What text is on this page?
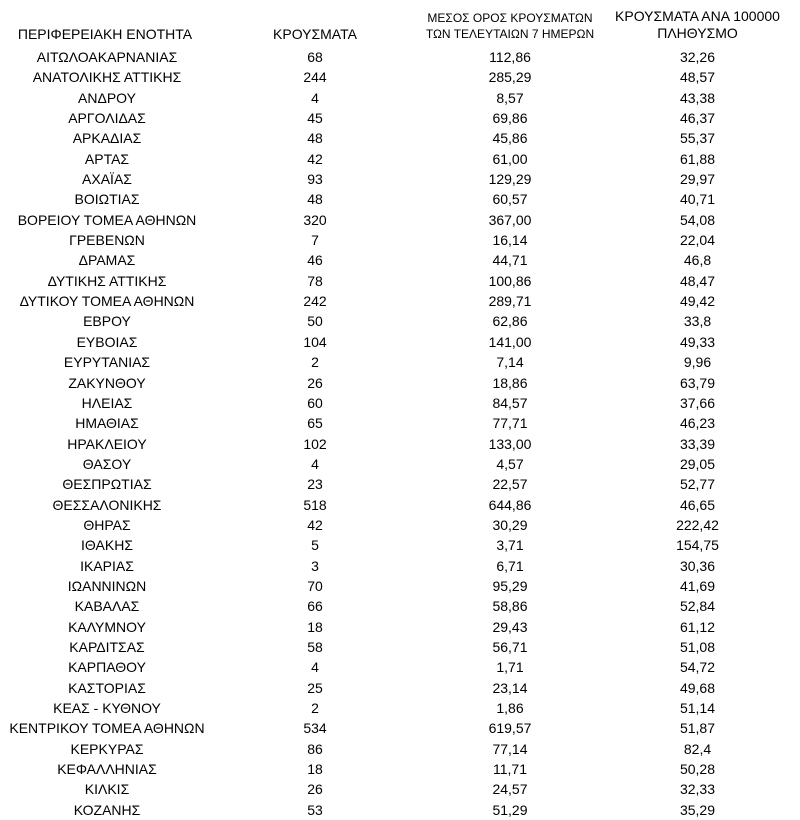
ΠΕΡΙΦΕΡΕΙΑΚΗ ΕΝΟΤΗΤΑ	ΚΡΟΥΣΜΑΤΑ
ΜΕΣΟΣ ΟΡΟΣ ΚΡΟΥΣΜΑΤΩΝ
ΤΩΝ ΤΕΛΕΥΤΑΙΩΝ 7 ΗΜΕΡΩΝ
ΚΡΟΥΣΜΑΤΑ ΑΝΑ 100000
ΠΛΗΘΥΣΜΟ
ΑΙΤΩΛΟΑΚΑΡΝΑΝΙΑΣ	68	112,86	32,26
ΑΝΑΤΟΛΙΚΗΣ ΑΤΤΙΚΗΣ	244	285,29	48,57
ΑΝΔΡΟΥ	4	8,57	43,38
ΑΡΓΟΛΙΔΑΣ	45	69,86	46,37
ΑΡΚΑΔΙΑΣ	48	45,86	55,37
ΑΡΤΑΣ	42	61,00	61,88
ΑΧΑΪΑΣ	93	129,29	29,97
ΒΟΙΩΤΙΑΣ	48	60,57	40,71
ΒΟΡΕΙΟΥ ΤΟΜΕΑ ΑΘΗΝΩΝ	320	367,00	54,08
ΓΡΕΒΕΝΩΝ	7	16,14	22,04
ΔΡΑΜΑΣ	46	44,71	46,8
ΔΥΤΙΚΗΣ ΑΤΤΙΚΗΣ	78	100,86	48,47
ΔΥΤΙΚΟΥ ΤΟΜΕΑ ΑΘΗΝΩΝ	242	289,71	49,42
ΕΒΡΟΥ	50	62,86	33,8
ΕΥΒΟΙΑΣ	104	141,00	49,33
ΕΥΡΥΤΑΝΙΑΣ	2	7,14	9,96
ΖΑΚΥΝΘΟΥ	26	18,86	63,79
ΗΛΕΙΑΣ	60	84,57	37,66
ΗΜΑΘΙΑΣ	65	77,71	46,23
ΗΡΑΚΛΕΙΟΥ	102	133,00	33,39
ΘΑΣΟΥ	4	4,57	29,05
ΘΕΣΠΡΩΤΙΑΣ	23	22,57	52,77
ΘΕΣΣΑΛΟΝΙΚΗΣ	518	644,86	46,65
ΘΗΡΑΣ	42	30,29	222,42
ΙΘΑΚΗΣ	5	3,71	154,75
ΙΚΑΡΙΑΣ	3	6,71	30,36
ΙΩΑΝΝΙΝΩΝ	70	95,29	41,69
ΚΑΒΑΛΑΣ	66	58,86	52,84
ΚΑΛΥΜΝΟΥ	18	29,43	61,12
ΚΑΡΔΙΤΣΑΣ	58	56,71	51,08
ΚΑΡΠΑΘΟΥ	4	1,71	54,72
ΚΑΣΤΟΡΙΑΣ	25	23,14	49,68
ΚΕΑΣ - ΚΥΘΝΟΥ	2	1,86	51,14
ΚΕΝΤΡΙΚΟΥ ΤΟΜΕΑ ΑΘΗΝΩΝ	534	619,57	51,87
ΚΕΡΚΥΡΑΣ	86	77,14	82,4
ΚΕΦΑΛΛΗΝΙΑΣ	18	11,71	50,28
ΚΙΛΚΙΣ	26	24,57	32,33
ΚΟΖΑΝΗΣ	53	51,29	35,29
